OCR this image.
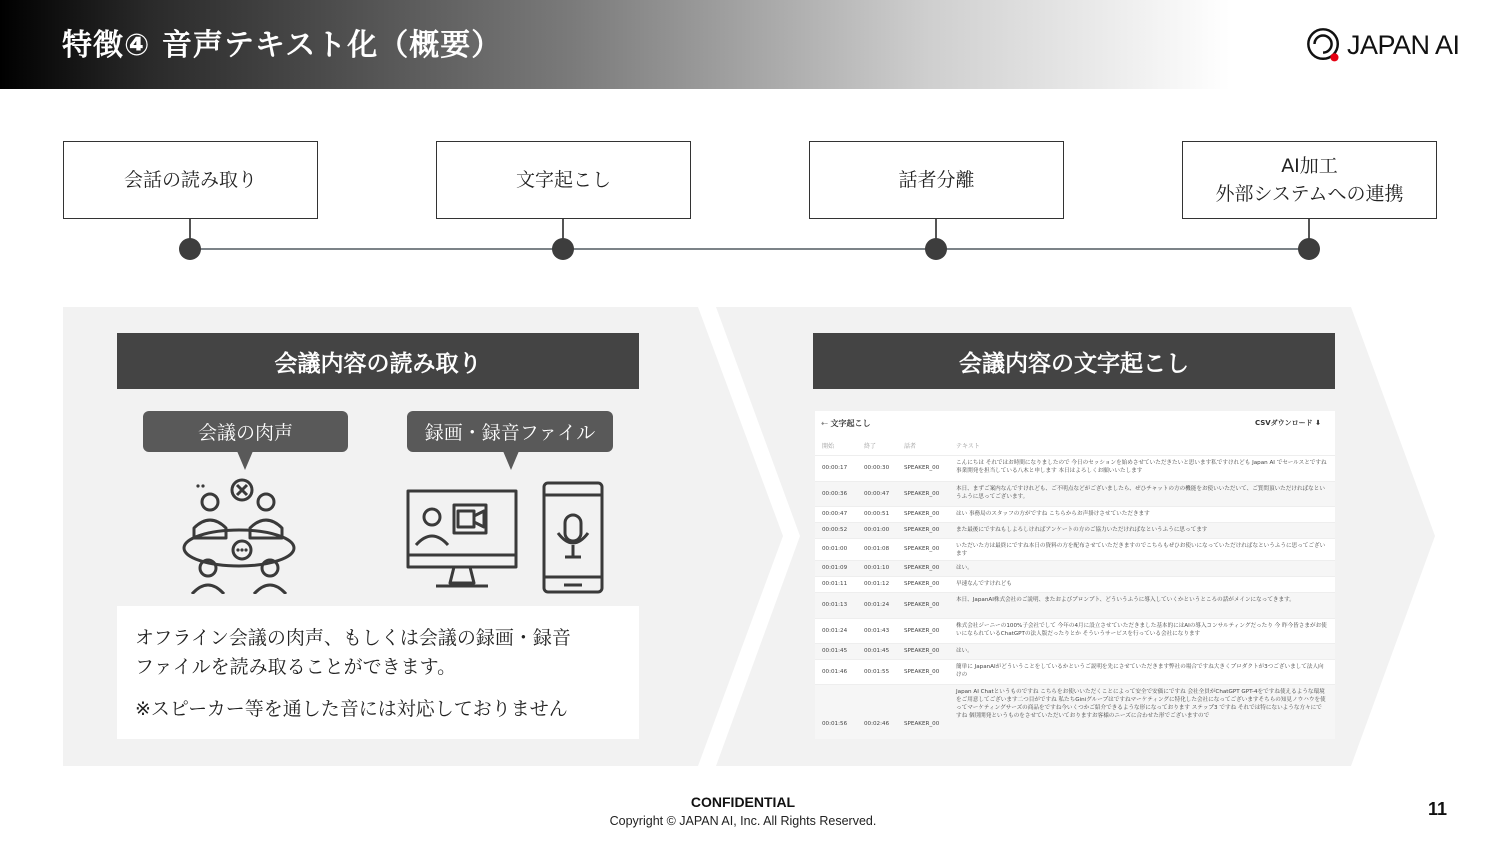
特徴④ 音声テキスト化（概要）	JAPAN AI
会話の読み取り	文字起こし	話者分離
AI加工
外部システムへの連携
会議内容の読み取り
会議の肉声	録画・録音ファイル
オフライン会議の肉声、もしくは会議の録画・録音
ファイルを読み取ることができます。
※スピーカー等を通した音には対応しておりません
会議内容の文字起こし
⇠ 文字起こし	CSVダウンロード ⬇
開始	終了	話者	テキスト
00:00:17	00:00:30	SPEAKER_00
こんにちは それではお時間になりましたので 今日のセッションを始めさせていただきたいと思います私ですけれども Japan AI でセールスとですね 事業開発を担当している八木と申します 本日はよろしくお願いいたします
00:00:36	00:00:47	SPEAKER_00
本日、まずご案内なんですけれども、ご不明点などがございましたら、ぜひチャットの方の機能をお使いいただいて、ご質問頂いただければなというふうに思ってございます。
00:00:47	00:00:51	SPEAKER_00	はい 事務局のスタッフの方がですね こちらからお声掛けさせていただきます
00:00:52	00:01:00	SPEAKER_00	また最後にですねもしよろしければアンケートの方のご協力いただければなというふうに思ってます
00:01:00	00:01:08	SPEAKER_00	いただいた方は最終にですね本日の資料の方を配布させていただきますのでこちらもぜひお使いになっていただければなというふうに思ってございます
00:01:09	00:01:10	SPEAKER_00	はい。
00:01:11	00:01:12	SPEAKER_00	早速なんですけれども
00:01:13	00:01:24	SPEAKER_00
本日、JapanAI株式会社のご説明、またおよびプロンプト、どういうふうに導入していくかというところの話がメインになってきます。
00:01:24	00:01:43	SPEAKER_00
株式会社ジーニーの100%子会社でして 今年の4月に設立させていただきました基本的にはAIの導入コンサルティングだったり 今 昨今皆さまがお使いになられているChatGPTの法人版だったりとか そういうサービスを行っている会社になります
00:01:45	00:01:45	SPEAKER_00	はい。
00:01:46	00:01:55	SPEAKER_00
簡単に JapanAIがどういうことをしているかというご説明を先にさせていただきます弊社の場合ですね大きくプロダクトが3つございまして法人向けの
00:01:56	00:02:46	SPEAKER_00
Japan AI Chatというものですね こちらをお使いいただくことによって安全で安価にですね 会社全員がChatGPT GPT-4をですね使えるような環境をご用意してございます二つ目がですね 私たちGiniグループはですねマーケティングに特化した会社になってございますそちらの知見ノウハウを使ってマーケティングサーズの商品をですね今いくつかご紹介できるような形になっております ステップ3 ですね それでは特にないような方々にですね 個別開発というものをさせていただいておりますお客様のニーズに合わせた形でございますので
CONFIDENTIAL
Copyright © JAPAN AI, Inc. All Rights Reserved.
11
